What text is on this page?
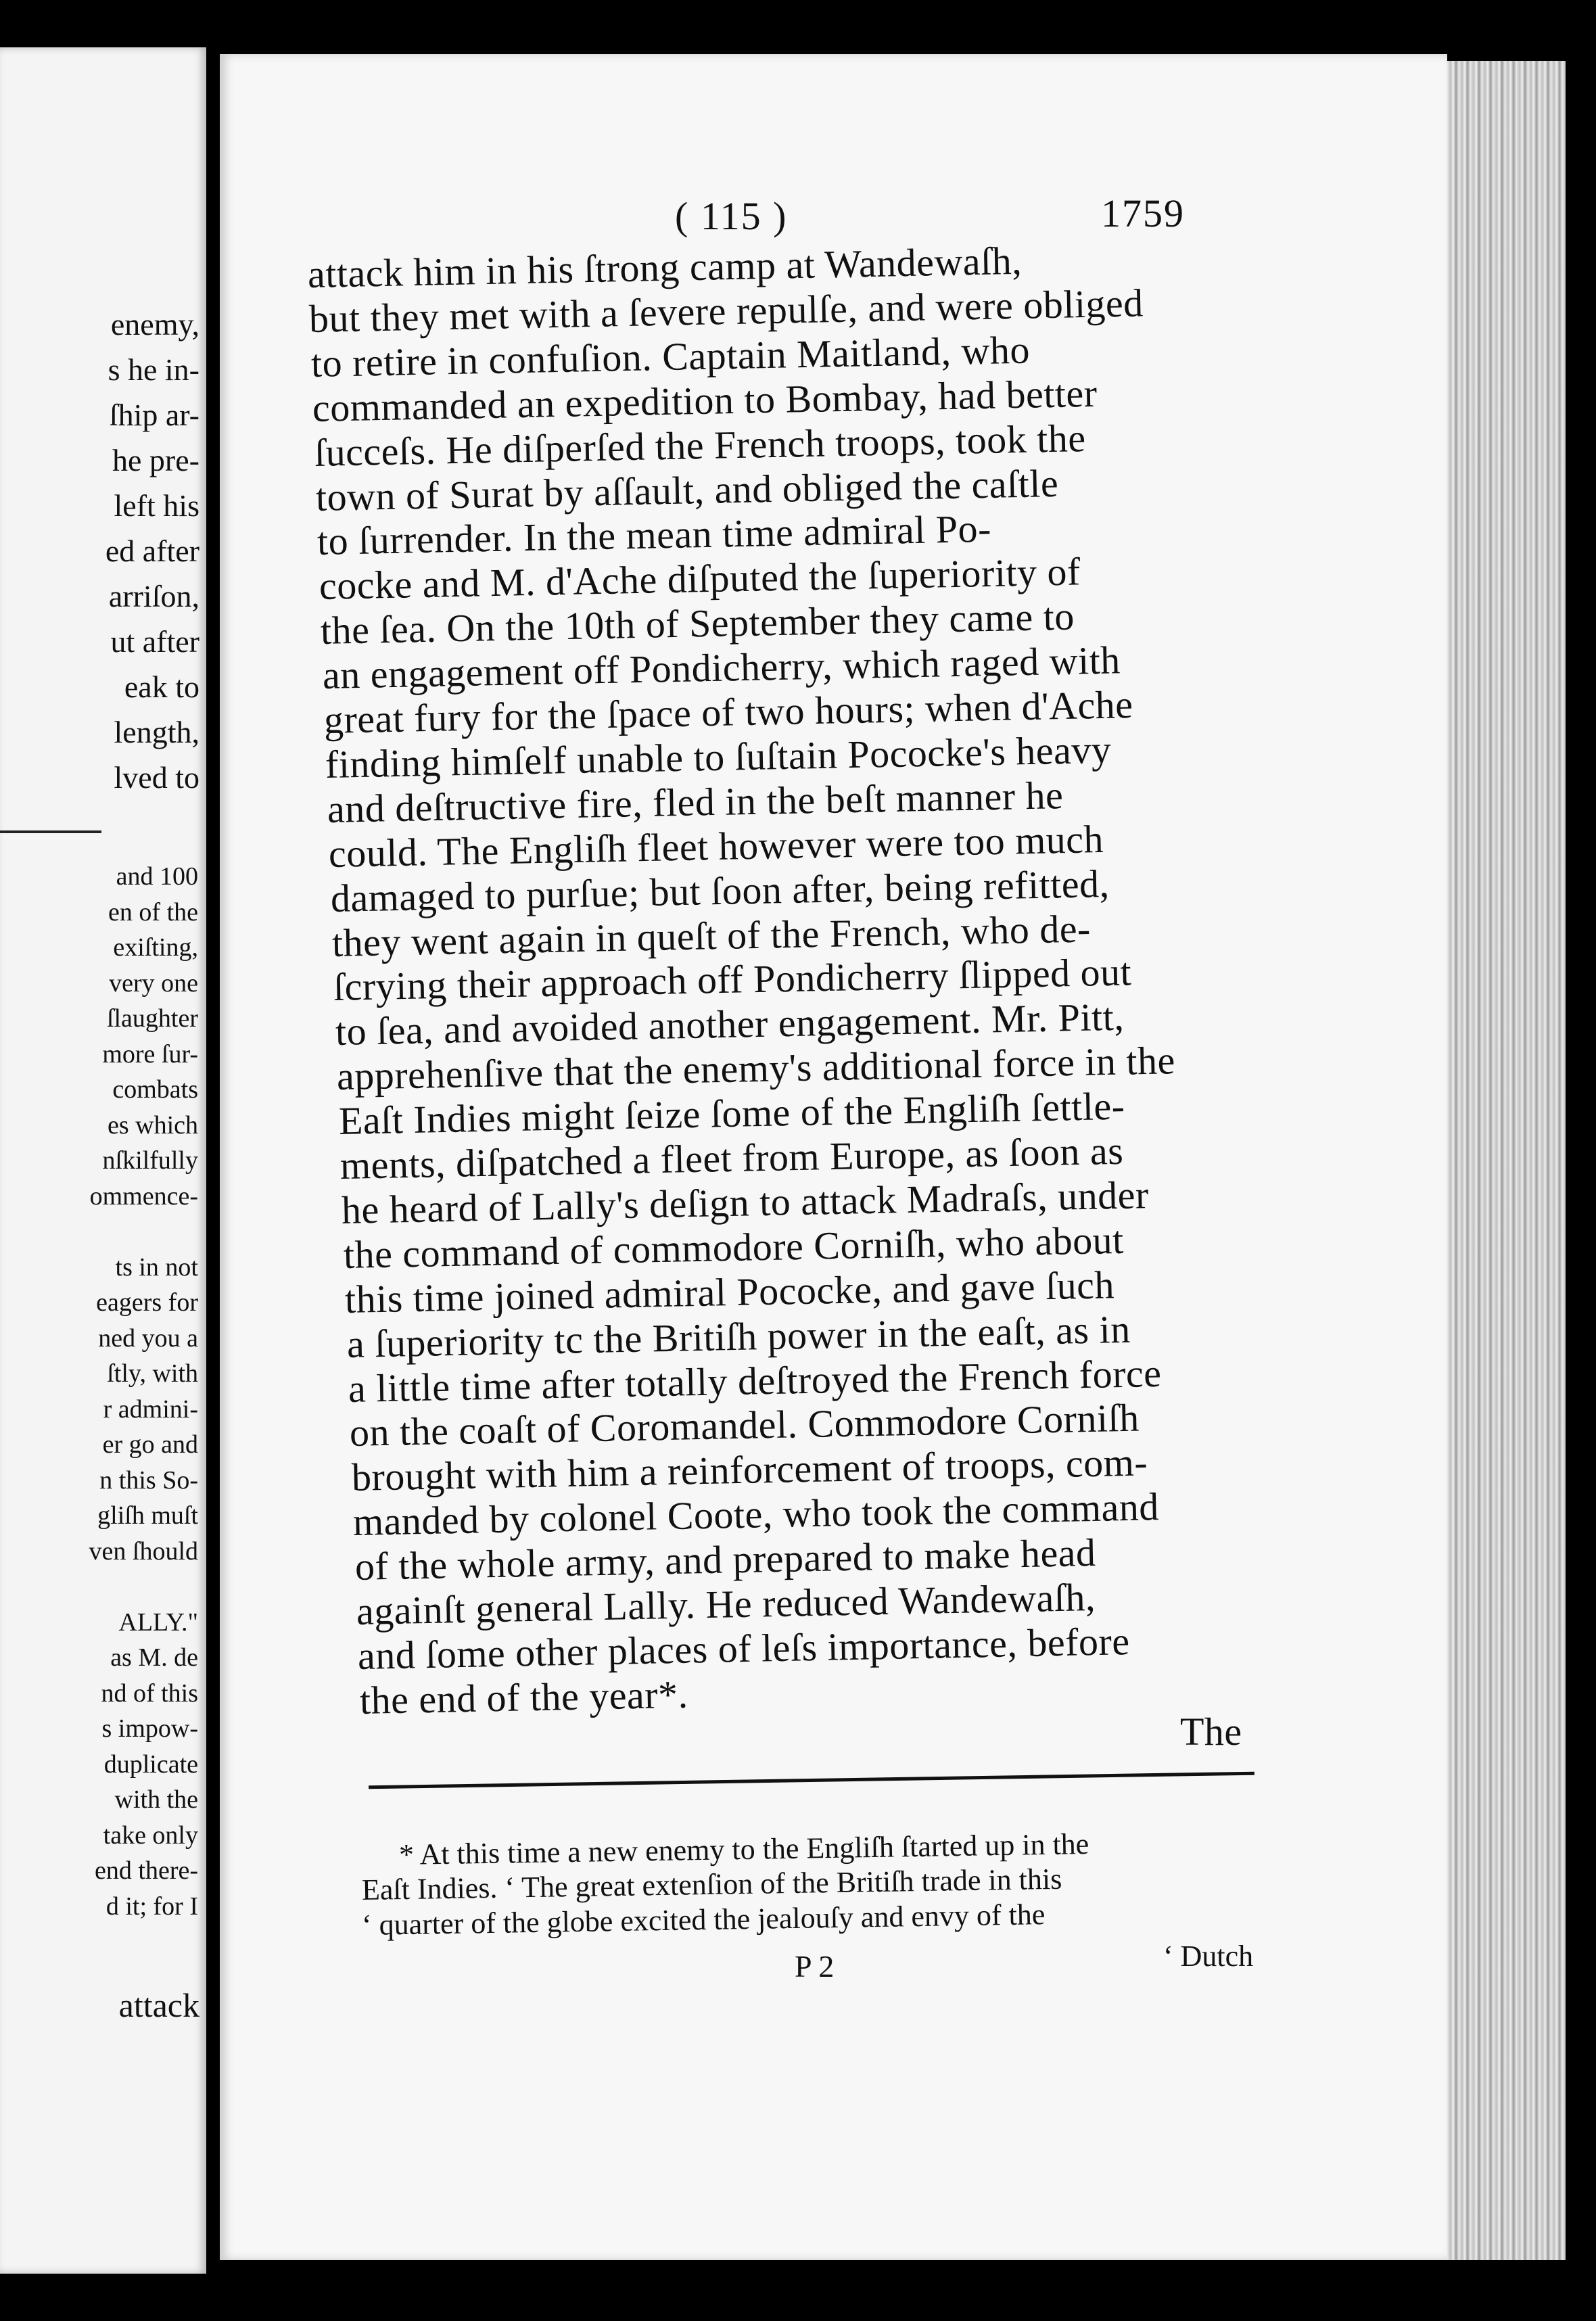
enemy,
s he in-
ſhip ar-
he pre-
left his
ed after
arriſon,
ut after
eak to
length,
lved to
and 100
en of the
exiſting,
very one
ſlaughter
more ſur-
combats
es which
nſkilfully
ommence-
ts in not
eagers for
ned you a
ſtly, with
r admini-
er go and
n this So-
gliſh muſt
ven ſhould
ALLY."
as M. de
nd of this
s impow-
duplicate
with the
take only
end there-
d it; for I
attack
( 115 )	1759
attack him in his ſtrong camp at Wandewaſh,
but they met with a ſevere repulſe, and were obliged
to retire in confuſion. Captain Maitland, who
commanded an expedition to Bombay, had better
ſucceſs. He diſperſed the French troops, took the
town of Surat by aſſault, and obliged the caſtle
to ſurrender. In the mean time admiral Po-
cocke and M. d'Ache diſputed the ſuperiority of
the ſea. On the 10th of September they came to
an engagement off Pondicherry, which raged with
great fury for the ſpace of two hours; when d'Ache
finding himſelf unable to ſuſtain Pococke's heavy
and deſtructive fire, fled in the beſt manner he
could. The Engliſh fleet however were too much
damaged to purſue; but ſoon after, being refitted,
they went again in queſt of the French, who de-
ſcrying their approach off Pondicherry ſlipped out
to ſea, and avoided another engagement. Mr. Pitt,
apprehenſive that the enemy's additional force in the
Eaſt Indies might ſeize ſome of the Engliſh ſettle-
ments, diſpatched a fleet from Europe, as ſoon as
he heard of Lally's deſign to attack Madraſs, under
the command of commodore Corniſh, who about
this time joined admiral Pococke, and gave ſuch
a ſuperiority tc the Britiſh power in the eaſt, as in
a little time after totally deſtroyed the French force
on the coaſt of Coromandel. Commodore Corniſh
brought with him a reinforcement of troops, com-
manded by colonel Coote, who took the command
of the whole army, and prepared to make head
againſt general Lally. He reduced Wandewaſh,
and ſome other places of leſs importance, before
the end of the year*.
The
* At this time a new enemy to the Engliſh ſtarted up in the
Eaſt Indies. ‘ The great extenſion of the Britiſh trade in this
‘ quarter of the globe excited the jealouſy and envy of the
P 2	‘ Dutch
